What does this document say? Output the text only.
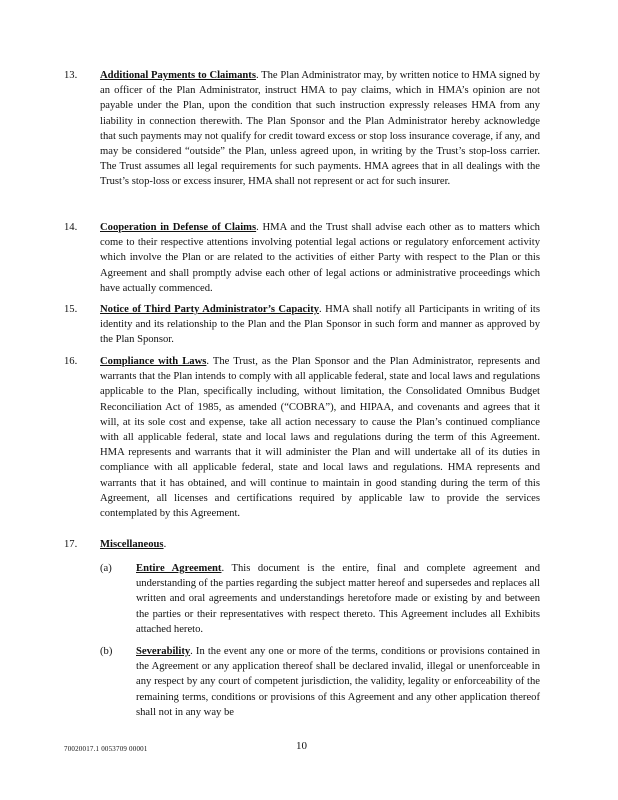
13. Additional Payments to Claimants. The Plan Administrator may, by written notice to HMA signed by an officer of the Plan Administrator, instruct HMA to pay claims, which in HMA’s opinion are not payable under the Plan, upon the condition that such instruction expressly releases HMA from any liability in connection therewith. The Plan Sponsor and the Plan Administrator hereby acknowledge that such payments may not qualify for credit toward excess or stop loss insurance coverage, if any, and may be considered “outside” the Plan, unless agreed upon, in writing by the Trust’s stop-loss carrier. The Trust assumes all legal requirements for such payments. HMA agrees that in all dealings with the Trust’s stop-loss or excess insurer, HMA shall not represent or act for such insurer.
14. Cooperation in Defense of Claims. HMA and the Trust shall advise each other as to matters which come to their respective attentions involving potential legal actions or regulatory enforcement activity which involve the Plan or are related to the activities of either Party with respect to the Plan or this Agreement and shall promptly advise each other of legal actions or administrative proceedings which have actually commenced.
15. Notice of Third Party Administrator’s Capacity. HMA shall notify all Participants in writing of its identity and its relationship to the Plan and the Plan Sponsor in such form and manner as approved by the Plan Sponsor.
16. Compliance with Laws. The Trust, as the Plan Sponsor and the Plan Administrator, represents and warrants that the Plan intends to comply with all applicable federal, state and local laws and regulations applicable to the Plan, specifically including, without limitation, the Consolidated Omnibus Budget Reconciliation Act of 1985, as amended (“COBRA”), and HIPAA, and covenants and agrees that it will, at its sole cost and expense, take all action necessary to cause the Plan’s continued compliance with all applicable federal, state and local laws and regulations during the term of this Agreement. HMA represents and warrants that it will administer the Plan and will undertake all of its duties in compliance with all applicable federal, state and local laws and regulations. HMA represents and warrants that it has obtained, and will continue to maintain in good standing during the term of this Agreement, all licenses and certifications required by applicable law to provide the services contemplated by this Agreement.
17. Miscellaneous.
(a) Entire Agreement. This document is the entire, final and complete agreement and understanding of the parties regarding the subject matter hereof and supersedes and replaces all written and oral agreements and understandings heretofore made or existing by and between the parties or their representatives with respect thereto. This Agreement includes all Exhibits attached hereto.
(b) Severability. In the event any one or more of the terms, conditions or provisions contained in the Agreement or any application thereof shall be declared invalid, illegal or unenforceable in any respect by any court of competent jurisdiction, the validity, legality or enforceability of the remaining terms, conditions or provisions of this Agreement and any other application thereof shall not in any way be
70020017.1 0053709 00001	10
